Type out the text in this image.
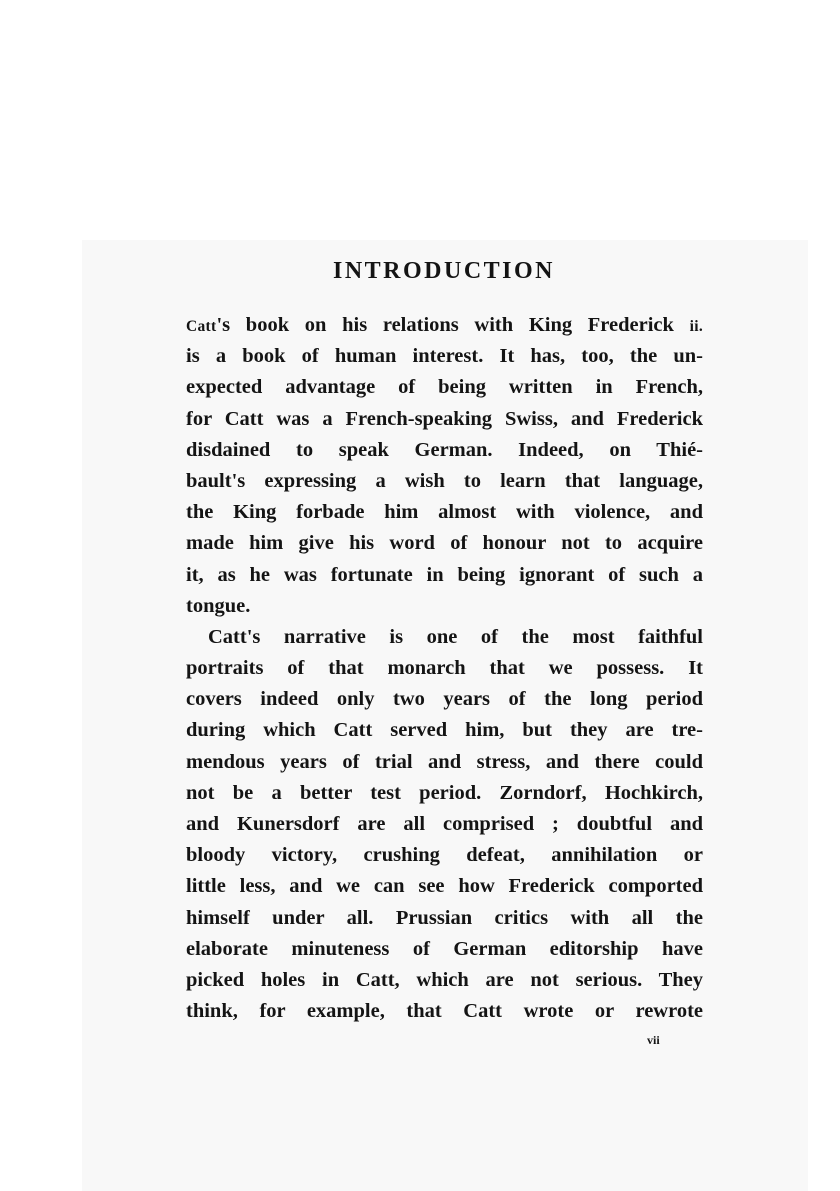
INTRODUCTION
Catt's book on his relations with King Frederick ii.
is a book of human interest. It has, too, the un-
expected advantage of being written in French,
for Catt was a French-speaking Swiss, and Frederick
disdained to speak German. Indeed, on Thié-
bault's expressing a wish to learn that language,
the King forbade him almost with violence, and
made him give his word of honour not to acquire
it, as he was fortunate in being ignorant of such a
tongue.
Catt's narrative is one of the most faithful
portraits of that monarch that we possess. It
covers indeed only two years of the long period
during which Catt served him, but they are tre-
mendous years of trial and stress, and there could
not be a better test period. Zorndorf, Hochkirch,
and Kunersdorf are all comprised ; doubtful and
bloody victory, crushing defeat, annihilation or
little less, and we can see how Frederick comported
himself under all. Prussian critics with all the
elaborate minuteness of German editorship have
picked holes in Catt, which are not serious. They
think, for example, that Catt wrote or rewrote
vii
